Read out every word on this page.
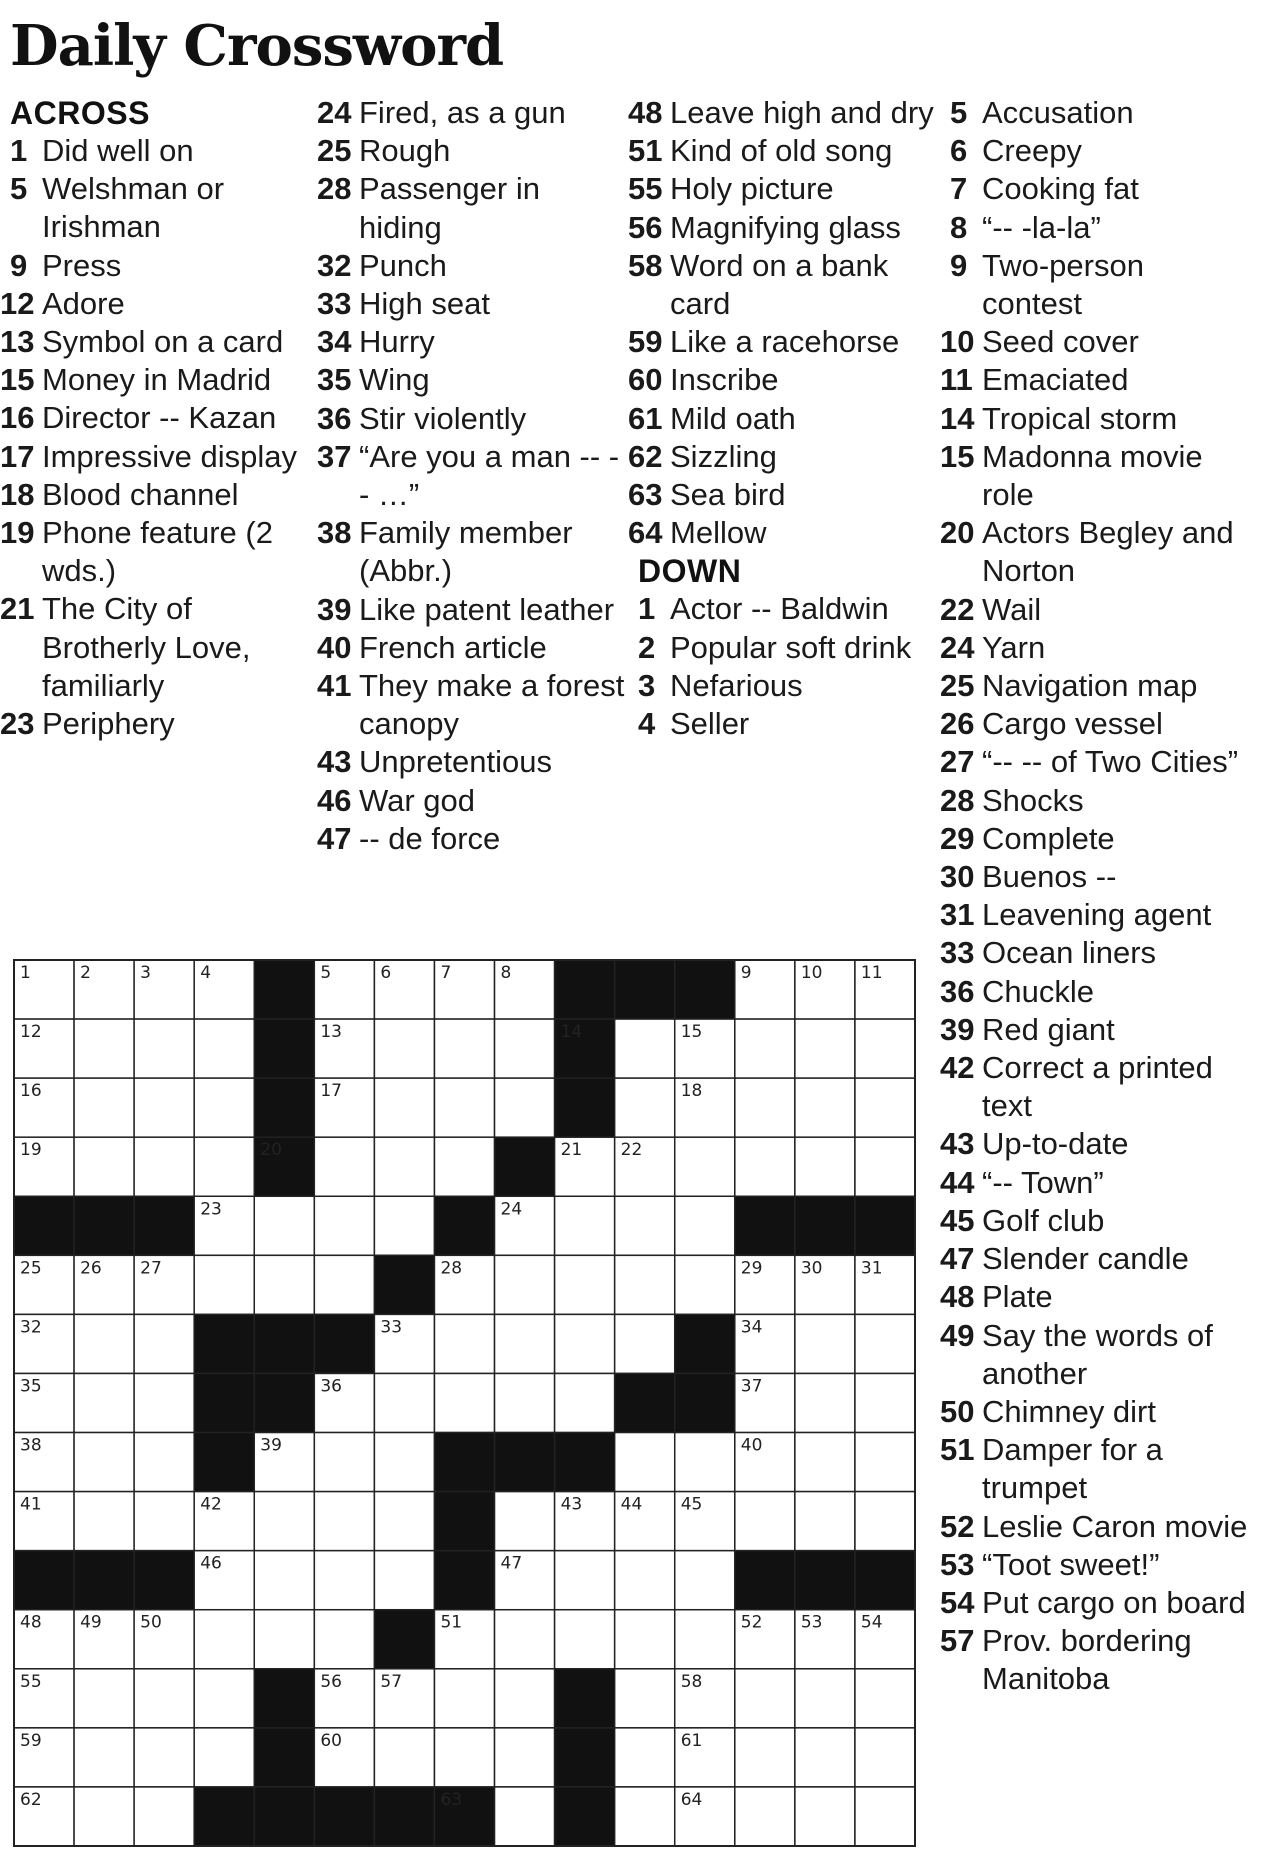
Daily Crossword
ACROSS
1 Did well on
5 Welshman or Irishman
9 Press
12 Adore
13 Symbol on a card
15 Money in Madrid
16 Director -- Kazan
17 Impressive display
18 Blood channel
19 Phone feature (2 wds.)
21 The City of Brotherly Love, familiarly
23 Periphery
24 Fired, as a gun
25 Rough
28 Passenger in hiding
32 Punch
33 High seat
34 Hurry
35 Wing
36 Stir violently
37 “Are you a man -- -- …”
38 Family member (Abbr.)
39 Like patent leather
40 French article
41 They make a forest canopy
43 Unpretentious
46 War god
47 -- de force
48 Leave high and dry
51 Kind of old song
55 Holy picture
56 Magnifying glass
58 Word on a bank card
59 Like a racehorse
60 Inscribe
61 Mild oath
62 Sizzling
63 Sea bird
64 Mellow
DOWN
1 Actor -- Baldwin
2 Popular soft drink
3 Nefarious
4 Seller
5 Accusation
6 Creepy
7 Cooking fat
8 “-- -la-la”
9 Two-person contest
10 Seed cover
11 Emaciated
14 Tropical storm
15 Madonna movie role
20 Actors Begley and Norton
22 Wail
24 Yarn
25 Navigation map
26 Cargo vessel
27 “-- -- of Two Cities”
28 Shocks
29 Complete
30 Buenos --
31 Leavening agent
33 Ocean liners
36 Chuckle
39 Red giant
42 Correct a printed text
43 Up-to-date
44 “-- Town”
45 Golf club
47 Slender candle
48 Plate
49 Say the words of another
50 Chimney dirt
51 Damper for a trumpet
52 Leslie Caron movie
53 “Toot sweet!”
54 Put cargo on board
57 Prov. bordering Manitoba
1	2	3	4	5	6	7	8	9	10 11
12	13	14	15
16	17	18
19	20	21 22
23	24
25 26 27	28	29 30 31
32	33	34
35	36	37
38	39	40
41	42	43 44 45
46	47
48 49 50	51	52 53 54
55	56 57	58
59	60	61
62	63	64
